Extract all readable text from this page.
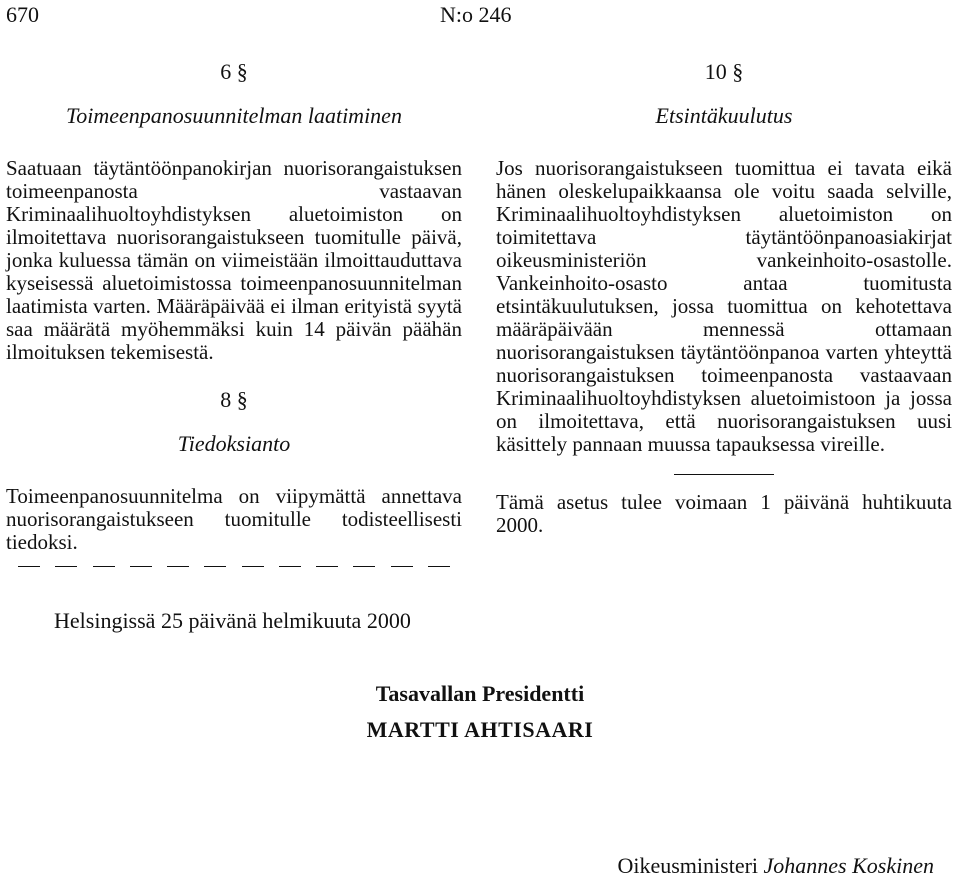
670	N:o 246
6 §
Toimeenpanosuunnitelman laatiminen

Saatuaan täytäntöönpanokirjan nuorisorangaistuksen toimeenpanosta vastaavan Kriminaalihuoltoyhdistyksen aluetoimiston on ilmoitettava nuorisorangaistukseen tuomitulle päivä, jonka kuluessa tämän on viimeistään ilmoittauduttava kyseisessä aluetoimistossa toimeenpanosuunnitelman laatimista varten. Määräpäivää ei ilman erityistä syytä saa määrätä myöhemmäksi kuin 14 päivän päähän ilmoituksen tekemisestä.

8 §
Tiedoksianto

Toimeenpanosuunnitelma on viipymättä annettava nuorisorangaistukseen tuomitulle todisteellisesti tiedoksi.

10 §
Etsintäkuulutus

Jos nuorisorangaistukseen tuomittua ei tavata eikä hänen oleskelupaikkaansa ole voitu saada selville, Kriminaalihuoltoyhdistyksen aluetoimiston on toimitettava täytäntöönpanoasiakirjat oikeusministeriön vankeinhoito-osastolle. Vankeinhoito-osasto antaa tuomitusta etsintäkuulutuksen, jossa tuomittua on kehotettava määräpäivään mennessä ottamaan nuorisorangaistuksen täytäntöönpanoa varten yhteyttä nuorisorangaistuksen toimeenpanosta vastaavaan Kriminaalihuoltoyhdistyksen aluetoimistoon ja jossa on ilmoitettava, että nuorisorangaistuksen uusi käsittely pannaan muussa tapauksessa vireille.

Tämä asetus tulee voimaan 1 päivänä huhtikuuta 2000.

Helsingissä 25 päivänä helmikuuta 2000
Tasavallan Presidentti
MARTTI AHTISAARI
Oikeusministeri Johannes Koskinen
